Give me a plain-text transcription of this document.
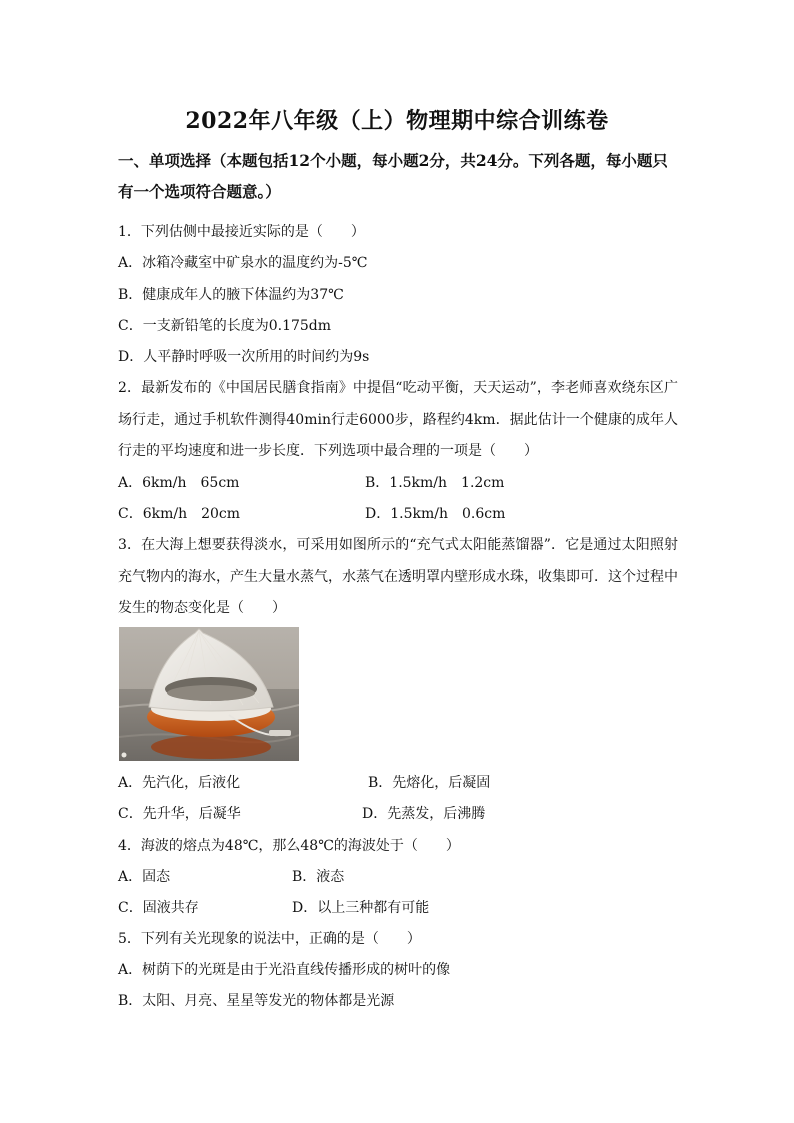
2022年八年级（上）物理期中综合训练卷
一、单项选择（本题包括12个小题，每小题2分，共24分。下列各题，每小题只有一个选项符合题意。）
1．下列估侧中最接近实际的是（　　）
A．冰箱冷藏室中矿泉水的温度约为-5℃
B．健康成年人的腋下体温约为37℃
C．一支新铅笔的长度为0.175dm
D．人平静时呼吸一次所用的时间约为9s
2．最新发布的《中国居民膳食指南》中提倡“吃动平衡，天天运动”，李老师喜欢绕东区广场行走，通过手机软件测得40min行走6000步，路程约4km．据此估计一个健康的成年人行走的平均速度和进一步长度．下列选项中最合理的一项是（　　）
A．6km/h　65cm	B．1.5km/h　1.2cm
C．6km/h　20cm	D．1.5km/h　0.6cm
3．在大海上想要获得淡水，可采用如图所示的“充气式太阳能蒸馏器”．它是通过太阳照射充气物内的海水，产生大量水蒸气，水蒸气在透明罩内壁形成水珠，收集即可．这个过程中发生的物态变化是（　　）
A．先汽化，后液化	B．先熔化，后凝固
C．先升华，后凝华	D．先蒸发，后沸腾
4．海波的熔点为48℃，那么48℃的海波处于（　　）
A．固态	B．液态
C．固液共存	D．以上三种都有可能
5．下列有关光现象的说法中，正确的是（　　）
A．树荫下的光斑是由于光沿直线传播形成的树叶的像
B．太阳、月亮、星星等发光的物体都是光源
